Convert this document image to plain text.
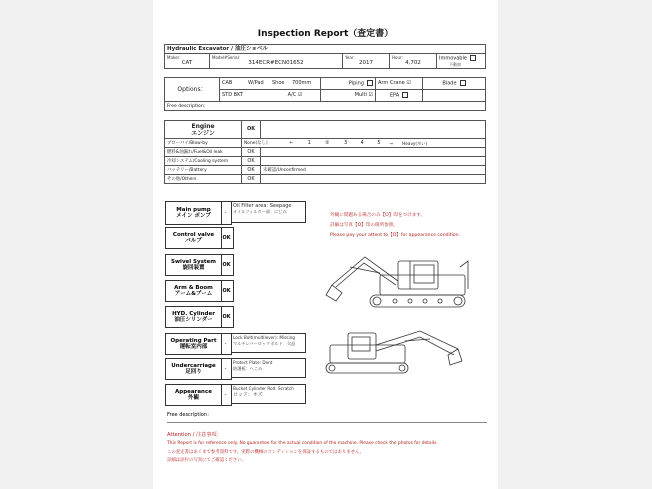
Inspection Report（査定書）
Hydraulic Excavator / 油圧ショベル

Maker：
CAT

Model#Serial：
314ECR#ECN01652

Year：
2017

Hour：
4,702
	Immovable
不動車
Options：	CAB	W/Pad	Shoe	700mm	Piping	Arm Crane ☑	Blade
	STD BKT		A/C ☑		Multi ☑	EPA	
Free description：							
Engine
エンジン	OK								
ブローバイ/Blow-by	None(なし)		←	1	②	3	4	5	→ Heavy(多い)
燃料&油漏れ/Fuel&Oil leak	OK								
冷却システム/Cooling system	OK								
バッテリー/Battery	OK	未確認/Unconfirmed							
その他/Others	OK								
Main pump
メイン ポンプ	-
Oil Filter area: Seepage
オイルフィルター部：にじみ
Control valve
バルブ	OK
Swivel System
旋回装置	OK
Arm & Boom
アーム&ブーム	OK
HYD. Cylinder
油圧シリンダー	OK
Operating Part
運転室内部	-
Lock Bolt(multilever): Missing
マルチレバーロックボルト：欠品
Undercarriage
足回り	-
Protect Plate: Dent
防護板：へこみ
Appearance
外観	-
Bucket Cylinder Rod: Scratch
ロッド：キズ
外観に問題ある場合のみ【O】印をつけます。
詳細は写真【O】印の箇所参照。
Please pay your attent to【O】for appearance condition.
Free description：
Attention / 注意事項：
This Report is for reference only. No guarantee for the actual condition of the machine. Please check the photos for details.
この査定書はあくまで参考資料です。実際の機械のコンディションを保証するものではありません。
詳細は添付の写真にてご確認ください。
